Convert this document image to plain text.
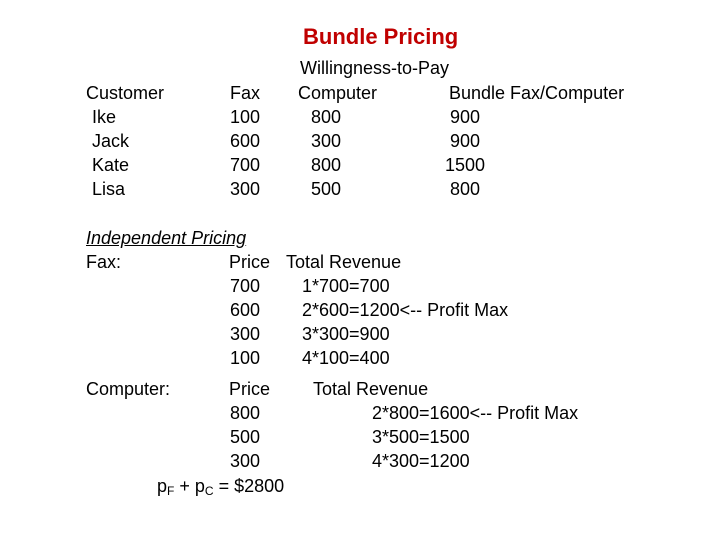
Bundle Pricing
Willingness-to-Pay
Customer	Fax Computer	Bundle Fax/Computer
Ike	100	800	900
Jack	600	300	900
Kate	700	800	1500
Lisa	300	500	800
Independent Pricing
Fax:	Price Total Revenue
700 1*700=700
600 2*600=1200<-- Profit Max
300 3*300=900
100 4*100=400
Computer:	Price Total Revenue
800	2*800=1600<-- Profit Max
500	3*500=1500
300	4*300=1200
$p_F + p_C$ = $2800
